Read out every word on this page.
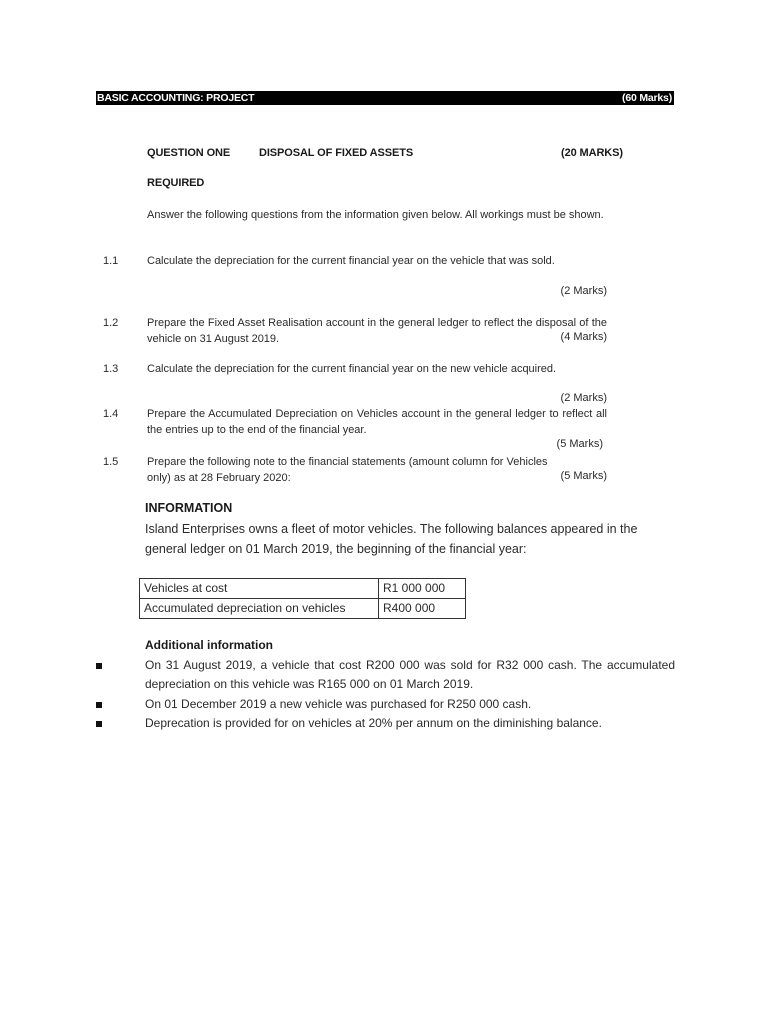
BASIC ACCOUNTING: PROJECT	(60 Marks)
QUESTION ONE	DISPOSAL OF FIXED ASSETS	(20 MARKS)
REQUIRED
Answer the following questions from the information given below. All workings must be shown.
1.1	Calculate the depreciation for the current financial year on the vehicle that was sold.
(2 Marks)
1.2	Prepare the Fixed Asset Realisation account in the general ledger to reflect the disposal of the vehicle on 31 August 2019.	(4 Marks)
1.3	Calculate the depreciation for the current financial year on the new vehicle acquired.
(2 Marks)
1.4	Prepare the Accumulated Depreciation on Vehicles account in the general ledger to reflect all the entries up to the end of the financial year.
(5 Marks)
1.5	Prepare the following note to the financial statements (amount column for Vehicles only) as at 28 February 2020:	(5 Marks)
INFORMATION
Island Enterprises owns a fleet of motor vehicles. The following balances appeared in the general ledger on 01 March 2019, the beginning of the financial year:
Vehicles at cost	R1 000 000
Accumulated depreciation on vehicles	R400 000
Additional information
On 31 August 2019, a vehicle that cost R200 000 was sold for R32 000 cash. The accumulated depreciation on this vehicle was R165 000 on 01 March 2019.
On 01 December 2019 a new vehicle was purchased for R250 000 cash.
Deprecation is provided for on vehicles at 20% per annum on the diminishing balance.
